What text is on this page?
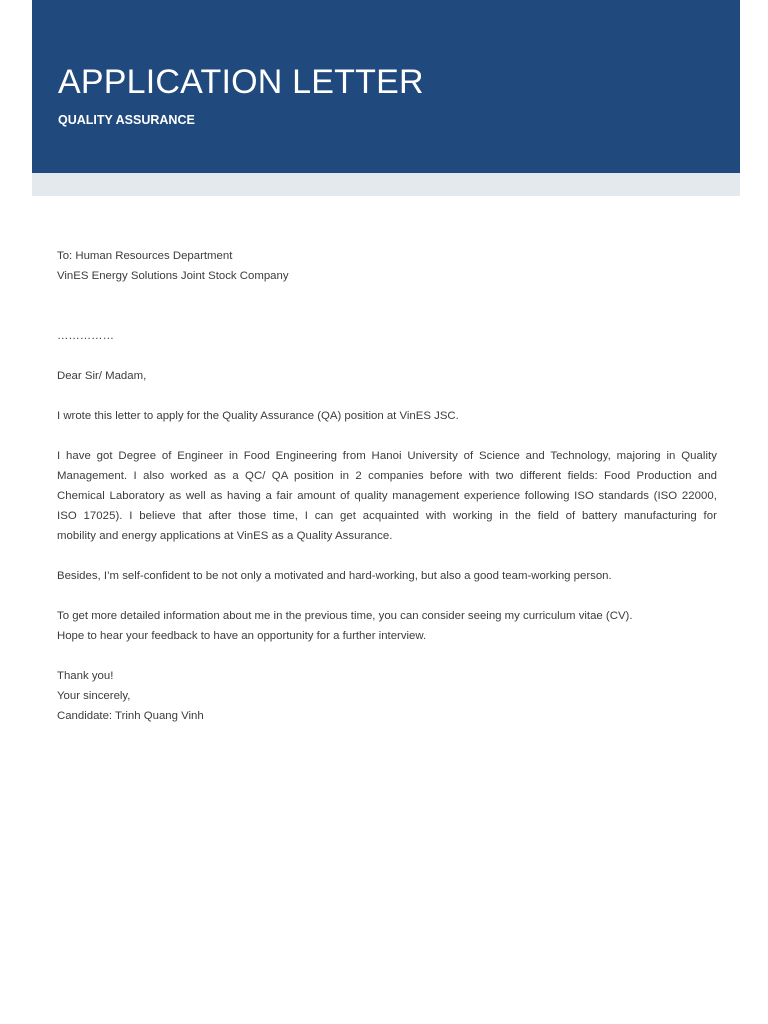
APPLICATION LETTER
QUALITY ASSURANCE

To: Human Resources Department
VinES Energy Solutions Joint Stock Company

……………

Dear Sir/ Madam,

I wrote this letter to apply for the Quality Assurance (QA) position at VinES JSC.

I have got Degree of Engineer in Food Engineering from Hanoi University of Science and Technology, majoring in Quality
Management. I also worked as a QC/ QA position in 2 companies before with two different fields: Food Production and
Chemical Laboratory as well as having a fair amount of quality management experience following ISO standards (ISO 22000,
ISO 17025). I believe that after those time, I can get acquainted with working in the field of battery manufacturing for
mobility and energy applications at VinES as a Quality Assurance.

Besides, I’m self-confident to be not only a motivated and hard-working, but also a good team-working person.

To get more detailed information about me in the previous time, you can consider seeing my curriculum vitae (CV).
Hope to hear your feedback to have an opportunity for a further interview.

Thank you!
Your sincerely,
Candidate: Trinh Quang Vinh
